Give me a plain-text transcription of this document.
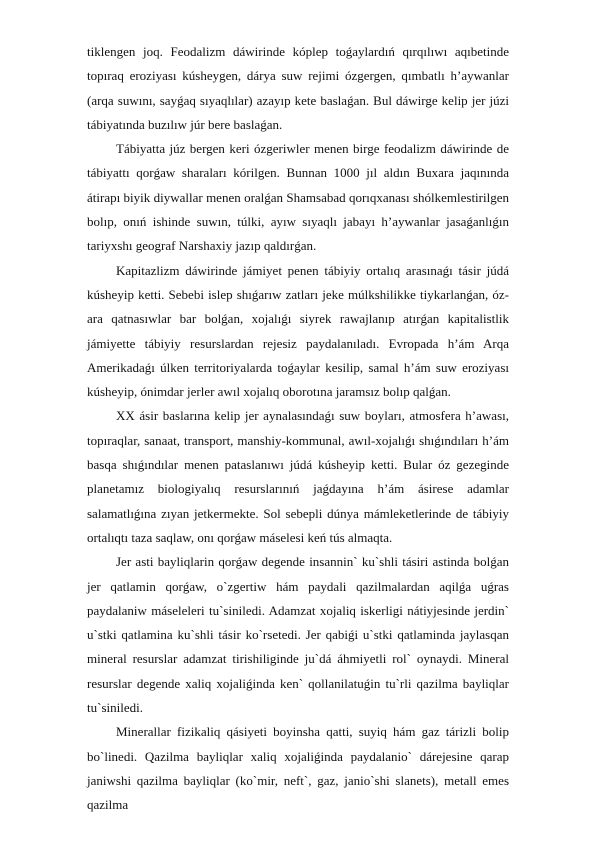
tiklengen joq. Feodalizm dáwirinde kóplep toǵaylardıń qırqılıwı aqıbetinde topıraq eroziyası kúsheygen, dárya suw rejimi ózgergen, qımbatlı h’aywanlar (arqa suwını, sayǵaq sıyaqlılar) azayıp kete baslaǵan. Bul dáwirge kelip jer júzi tábiyatında buzılıw júr bere baslaǵan.

Tábiyatta júz bergen keri ózgeriwler menen birge feodalizm dáwirinde de tábiyattı qorǵaw sharaları kórilgen. Bunnan 1000 jıl aldın Buxara jaqınında átirapı biyik diywallar menen oralǵan Shamsabad qorıqxanası shólkemlestirilgen bolıp, onıń ishinde suwın, túlki, ayıw sıyaqlı jabayı h’aywanlar jasaǵanlıǵın tariyxshı geograf Narshaxiy jazıp qaldırǵan.

Kapitazlizm dáwirinde jámiyet penen tábiyiy ortalıq arasınaǵı tásir júdá kúsheyip ketti. Sebebi islep shıǵarıw zatları jeke múlkshilikke tiykarlanǵan, óz-ara qatnasıwlar bar bolǵan, xojalıǵı siyrek rawajlanıp atırǵan kapitalistlik jámiyette tábiyiy resurslardan rejesiz paydalanıladı. Evropada h’ám Arqa Amerikadaǵı úlken territoriyalarda toǵaylar kesilip, samal h’ám suw eroziyası kúsheyip, ónimdar jerler awıl xojalıq oborotına jaramsız bolıp qalǵan.

XX ásir baslarına kelip jer aynalasındaǵı suw boyları, atmosfera h’awası, topıraqlar, sanaat, transport, manshiy-kommunal, awıl-xojalıǵı shıǵındıları h’ám basqa shıǵındılar menen pataslanıwı júdá kúsheyip ketti. Bular óz gezeginde planetamız biologiyalıq resurslarınıń jaǵdayına h’ám ásirese adamlar salamatlıǵına zıyan jetkermekte. Sol sebepli dúnya mámleketlerinde de tábiyiy ortalıqtı taza saqlaw, onı qorǵaw máselesi keń tús almaqta.

Jer asti bayliqlarin qorǵaw degende insannin` ku`shli tásiri astinda bolǵan jer qatlamin qorǵaw, o`zgertiw hám paydali qazilmalardan aqilǵa uǵras paydalaniw máseleleri tu`siniledi. Adamzat xojaliq iskerligi nátiyjesinde jerdin` u`stki qatlamina ku`shli tásir ko`rsetedi. Jer qabiǵi u`stki qatlaminda jaylasqan mineral resurslar adamzat tirishiliginde ju`dá áhmiyetli rol` oynaydi. Mineral resurslar degende xaliq xojaliǵinda ken` qollanilatuǵin tu`rli qazilma bayliqlar tu`siniledi.

Minerallar fizikaliq qásiyeti boyinsha qatti, suyiq hám gaz tárizli bolip bo`linedi. Qazilma bayliqlar xaliq xojaliǵinda paydalanio` dárejesine qarap janiwshi qazilma bayliqlar (ko`mir, neft`, gaz, janio`shi slanets), metall emes qazilma
